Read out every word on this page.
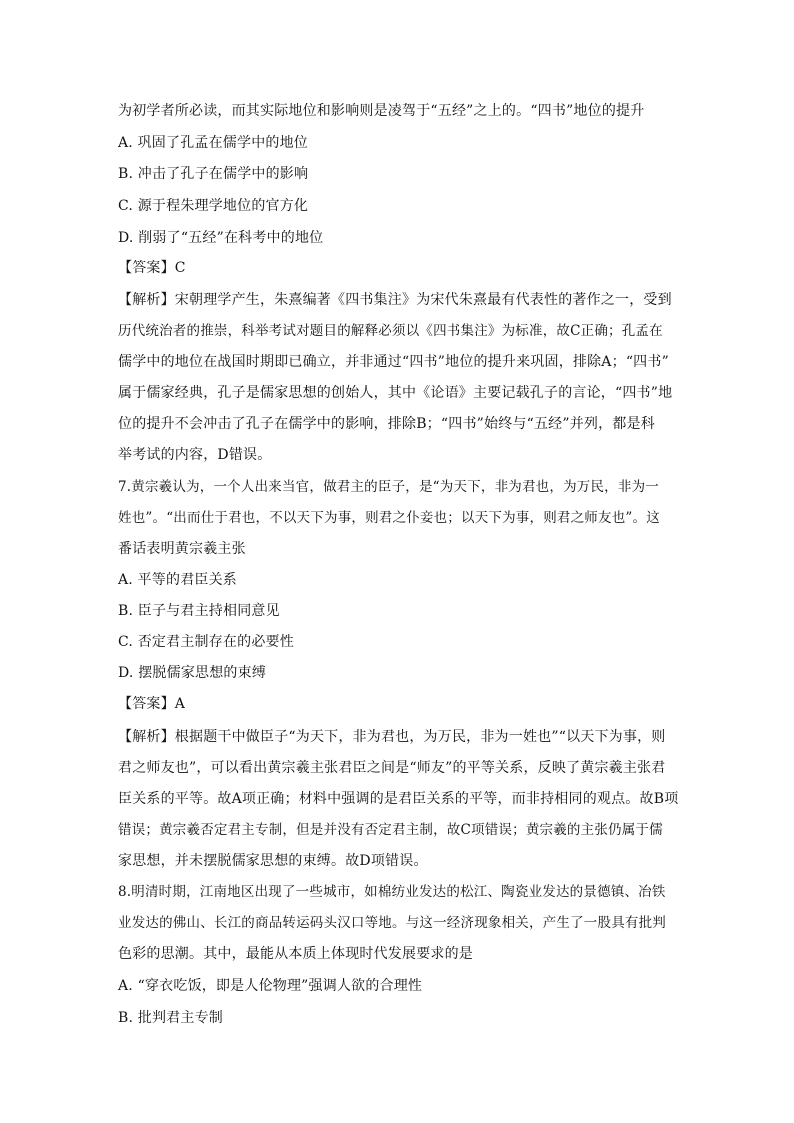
为初学者所必读，而其实际地位和影响则是凌驾于“五经”之上的。“四书”地位的提升
A. 巩固了孔孟在儒学中的地位
B. 冲击了孔子在儒学中的影响
C. 源于程朱理学地位的官方化
D. 削弱了“五经”在科考中的地位
【答案】C
【解析】宋朝理学产生，朱熹编著《四书集注》为宋代朱熹最有代表性的著作之一，受到
历代统治者的推崇，科举考试对题目的解释必须以《四书集注》为标准，故C正确；孔孟在
儒学中的地位在战国时期即已确立，并非通过“四书”地位的提升来巩固，排除A；“四书”
属于儒家经典，孔子是儒家思想的创始人，其中《论语》主要记载孔子的言论，“四书”地
位的提升不会冲击了孔子在儒学中的影响，排除B；“四书”始终与“五经”并列，都是科
举考试的内容，D错误。
7.黄宗羲认为，一个人出来当官，做君主的臣子，是“为天下，非为君也，为万民，非为一
姓也”。“出而仕于君也，不以天下为事，则君之仆妾也；以天下为事，则君之师友也”。这
番话表明黄宗羲主张
A. 平等的君臣关系
B. 臣子与君主持相同意见
C. 否定君主制存在的必要性
D. 摆脱儒家思想的束缚
【答案】A
【解析】根据题干中做臣子“为天下，非为君也，为万民，非为一姓也”“以天下为事，则
君之师友也”，可以看出黄宗羲主张君臣之间是“师友”的平等关系，反映了黄宗羲主张君
臣关系的平等。故A项正确；材料中强调的是君臣关系的平等，而非持相同的观点。故B项
错误；黄宗羲否定君主专制，但是并没有否定君主制，故C项错误；黄宗羲的主张仍属于儒
家思想，并未摆脱儒家思想的束缚。故D项错误。
8.明清时期，江南地区出现了一些城市，如棉纺业发达的松江、陶瓷业发达的景德镇、冶铁
业发达的佛山、长江的商品转运码头汉口等地。与这一经济现象相关，产生了一股具有批判
色彩的思潮。其中，最能从本质上体现时代发展要求的是
A. “穿衣吃饭，即是人伦物理”强调人欲的合理性
B. 批判君主专制
